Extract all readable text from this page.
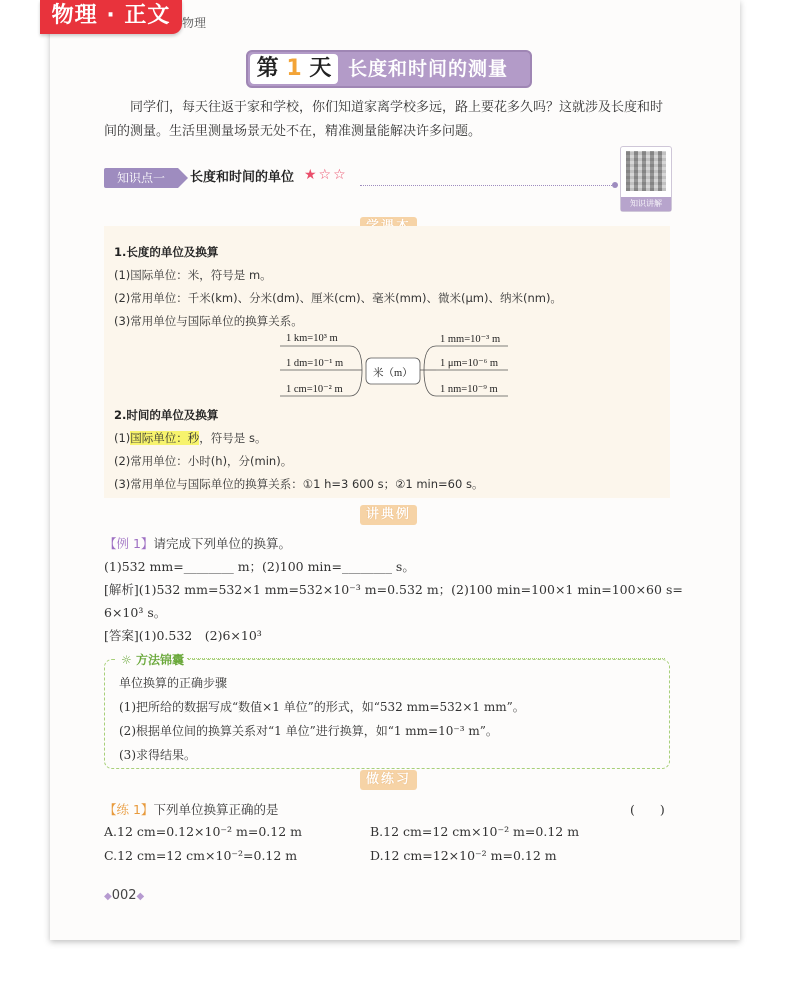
物理 · 正文 物理
第 1 天 长度和时间的测量
同学们，每天往返于家和学校，你们知道家离学校多远，路上要花多久吗？这就涉及长度和时间的测量。生活里测量场景无处不在，精准测量能解决许多问题。
知识点一	长度和时间的单位 ★☆☆
知识讲解
1.长度的单位及换算
(1)国际单位：米，符号是 m。
(2)常用单位：千米(km)、分米(dm)、厘米(cm)、毫米(mm)、微米(μm)、纳米(nm)。
(3)常用单位与国际单位的换算关系。
1 km=10³ m
1 dm=10⁻¹ m
1 cm=10⁻² m
米（m）
1 mm=10⁻³ m
1 μm=10⁻⁶ m
1 nm=10⁻⁹ m
2.时间的单位及换算
(1)国际单位：秒，符号是 s。
(2)常用单位：小时(h)，分(min)。
(3)常用单位与国际单位的换算关系：①1 h=3 600 s；②1 min=60 s。
讲典例
【例 1】请完成下列单位的换算。
(1)532 mm=________ m；(2)100 min=________ s。
[解析](1)532 mm=532×1 mm=532×10⁻³ m=0.532 m；(2)100 min=100×1 min=100×60 s=
6×10³ s。
[答案](1)0.532　(2)6×10³
☼ 方法锦囊
单位换算的正确步骤
(1)把所给的数据写成“数值×1 单位”的形式，如“532 mm=532×1 mm”。
(2)根据单位间的换算关系对“1 单位”进行换算，如“1 mm=10⁻³ m”。
(3)求得结果。
做练习
【练 1】下列单位换算正确的是	(　　)
A.12 cm=0.12×10⁻² m=0.12 m	B.12 cm=12 cm×10⁻² m=0.12 m
C.12 cm=12 cm×10⁻²=0.12 m	D.12 cm=12×10⁻² m=0.12 m
◆002◆
